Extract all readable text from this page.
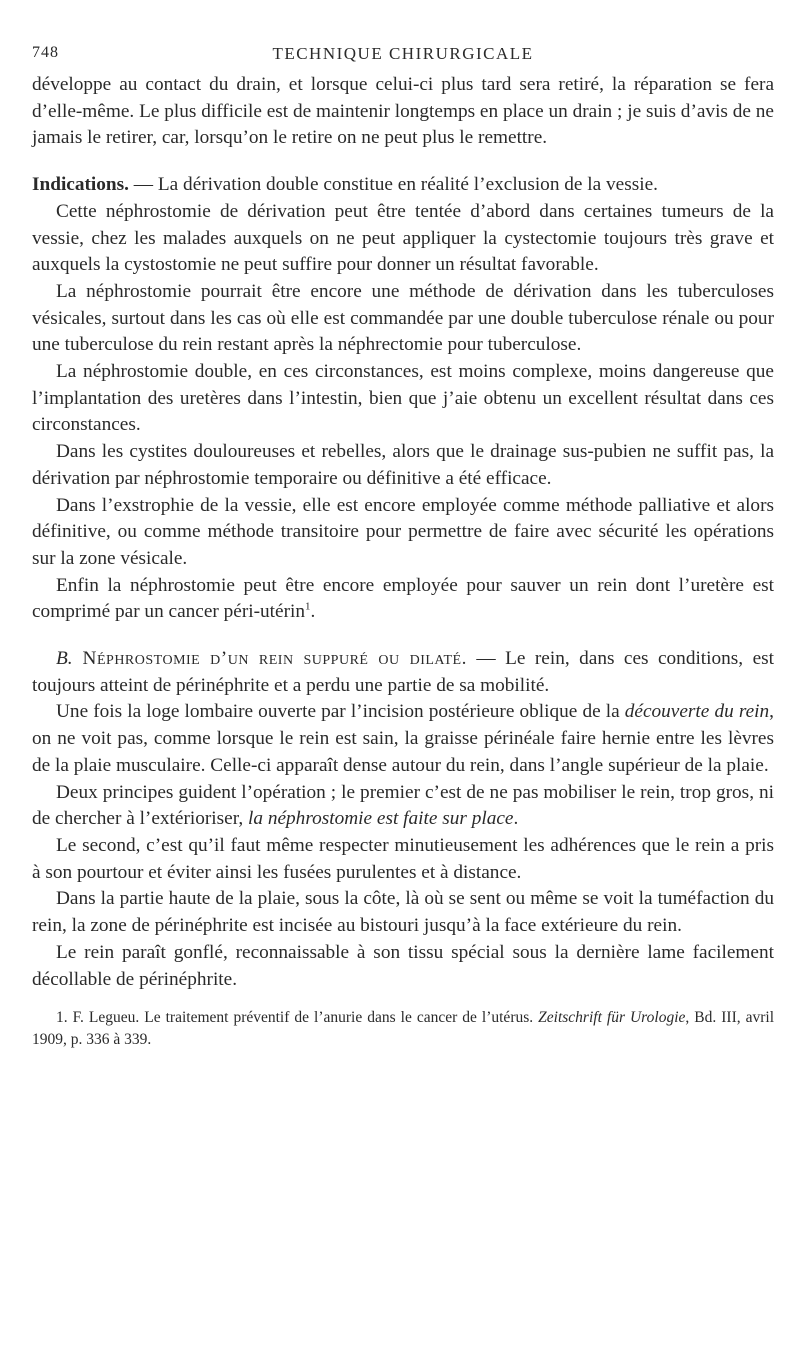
748	TECHNIQUE CHIRURGICALE

développe au contact du drain, et lorsque celui-ci plus tard sera retiré, la réparation se fera d’elle-même. Le plus difficile est de maintenir longtemps en place un drain ; je suis d’avis de ne jamais le retirer, car, lorsqu’on le retire on ne peut plus le remettre.

Indications. — La dérivation double constitue en réalité l’exclusion de la vessie.

Cette néphrostomie de dérivation peut être tentée d’abord dans certaines tumeurs de la vessie, chez les malades auxquels on ne peut appliquer la cystectomie toujours très grave et auxquels la cystostomie ne peut suffire pour donner un résultat favorable.

La néphrostomie pourrait être encore une méthode de dérivation dans les tuberculoses vésicales, surtout dans les cas où elle est commandée par une double tuberculose rénale ou pour une tuberculose du rein restant après la néphrectomie pour tuberculose.

La néphrostomie double, en ces circonstances, est moins complexe, moins dangereuse que l’implantation des uretères dans l’intestin, bien que j’aie obtenu un excellent résultat dans ces circonstances.

Dans les cystites douloureuses et rebelles, alors que le drainage sus-pubien ne suffit pas, la dérivation par néphrostomie temporaire ou définitive a été efficace.

Dans l’exstrophie de la vessie, elle est encore employée comme méthode palliative et alors définitive, ou comme méthode transitoire pour permettre de faire avec sécurité les opérations sur la zone vésicale.

Enfin la néphrostomie peut être encore employée pour sauver un rein dont l’uretère est comprimé par un cancer péri-utérin$^1$.

B. Néphrostomie d’un rein suppuré ou dilaté. — Le rein, dans ces conditions, est toujours atteint de périnéphrite et a perdu une partie de sa mobilité.

Une fois la loge lombaire ouverte par l’incision postérieure oblique de la découverte du rein, on ne voit pas, comme lorsque le rein est sain, la graisse périnéale faire hernie entre les lèvres de la plaie musculaire. Celle-ci apparaît dense autour du rein, dans l’angle supérieur de la plaie.

Deux principes guident l’opération ; le premier c’est de ne pas mobiliser le rein, trop gros, ni de chercher à l’extérioriser, la néphrostomie est faite sur place.

Le second, c’est qu’il faut même respecter minutieusement les adhérences que le rein a pris à son pourtour et éviter ainsi les fusées purulentes et à distance.

Dans la partie haute de la plaie, sous la côte, là où se sent ou même se voit la tuméfaction du rein, la zone de périnéphrite est incisée au bistouri jusqu’à la face extérieure du rein.

Le rein paraît gonflé, reconnaissable à son tissu spécial sous la dernière lame facilement décollable de périnéphrite.

1. F. Legueu. Le traitement préventif de l’anurie dans le cancer de l’utérus. Zeitschrift für Urologie, Bd. III, avril 1909, p. 336 à 339.
